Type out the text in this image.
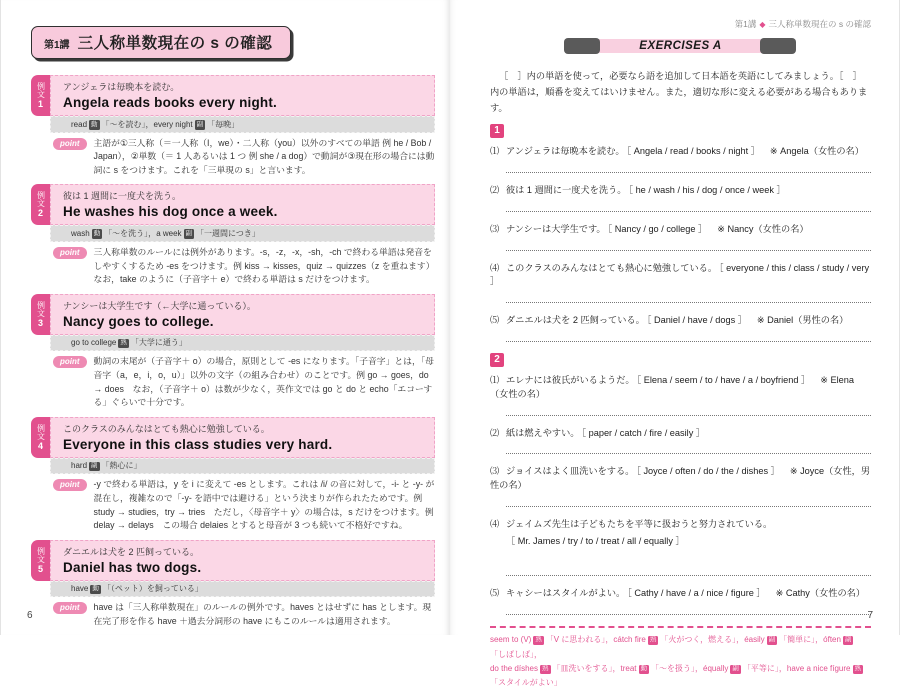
第1講 三人称単数現在の s の確認
例文
1
アンジェラは毎晩本を読む。
Angela reads books every night.
read 動 「〜を読む」，every night 副 「毎晩」
point	主語が①三人称（＝一人称（I，we）・二人称（you）以外のすべての単語 例 he / Bob / Japan），②単数（＝ 1 人あるいは 1 つ 例 she / a dog）で動詞が③現在形の場合には動詞に s をつけます。これを「三単現の s」と言います。
例文
2
彼は 1 週間に一度犬を洗う。
He washes his dog once a week.
wash 動 「〜を洗う」，a week 副 「一週間につき」
point	三人称単数のルールには例外があります。-s，-z，-x，-sh，-ch で終わる単語は発音をしやすくするため -es をつけます。例 kiss → kisses，quiz → quizzes（z を重ねます）　なお，take のように（子音字＋ e）で終わる単語は s だけをつけます。
例文
3
ナンシーは大学生です（←大学に通っている）。
Nancy goes to college.
go to college 熟 「大学に通う」
point	動詞の末尾が（子音字＋ o）の場合，原則として -es になります。「子音字」とは，「母音字（a，e，i，o，u）」以外の文字（の組み合わせ）のことです。例 go → goes，do → does　なお，（子音字＋ o）は数が少なく，英作文では go と do と echo「エコーする」ぐらいで十分です。
例文
4
このクラスのみんなはとても熱心に勉強している。
Everyone in this class studies very hard.
hard 副 「熱心に」
point	-y で終わる単語は，y を i に変えて -es とします。これは /i/ の音に対して，-i- と -y- が混在し，複雑なので「-y- を語中では避ける」という決まりが作られたためです。例 study → studies，try → tries　ただし，〈母音字＋ y〉の場合は，s だけをつけます。例 delay → delays　この場合 delaies とすると母音が 3 つも続いて不格好ですね。
例文
5
ダニエルは犬を 2 匹飼っている。
Daniel has two dogs.
have 動 「（ペット）を飼っている」
point	have は「三人称単数現在」のルールの例外です。haves とはせずに has とします。現在完了形を作る have ＋過去分詞形の have にもこのルールは適用されます。
6
第1講 ◆ 三人称単数現在の s の確認
EXERCISES A

［　］内の単語を使って，必要なら語を追加して日本語を英語にしてみましょう。［　］内の単語は，順番を変えてはいけません。また，適切な形に変える必要がある場合もあります。

1
⑴ アンジェラは毎晩本を読む。 ［ Angela / read / books / night ］ ※ Angela（女性の名）
⑵ 彼は 1 週間に一度犬を洗う。 ［ he / wash / his / dog / once / week ］
⑶ ナンシーは大学生です。 ［ Nancy / go / college ］ ※ Nancy（女性の名）
⑷ このクラスのみんなはとても熱心に勉強している。 ［ everyone / this / class / study / very ］
⑸ ダニエルは犬を 2 匹飼っている。 ［ Daniel / have / dogs ］ ※ Daniel（男性の名）
2
⑴ エレナには彼氏がいるようだ。 ［ Elena / seem / to / have / a / boyfriend ］ ※ Elena（女性の名）
⑵ 紙は燃えやすい。 ［ paper / catch / fire / easily ］
⑶ ジョイスはよく皿洗いをする。 ［ Joyce / often / do / the / dishes ］ ※ Joyce（女性，男性の名）
⑷ ジェイムズ先生は子どもたちを平等に扱おうと努力されている。
［ Mr. James / try / to / treat / all / equally ］
⑸ キャシーはスタイルがよい。 ［ Cathy / have / a / nice / figure ］ ※ Cathy（女性の名）
seem to (V) 熟 「V に思われる」，cátch fire 熟 「火がつく，燃える」，éasily 副 「簡単に」，óften 副「しばしば」，
do the díshes 熟 「皿洗いをする」，treat 動 「〜を扱う」，équally 副 「平等に」，have a nice fígure 熟「スタイルがよい」
7
